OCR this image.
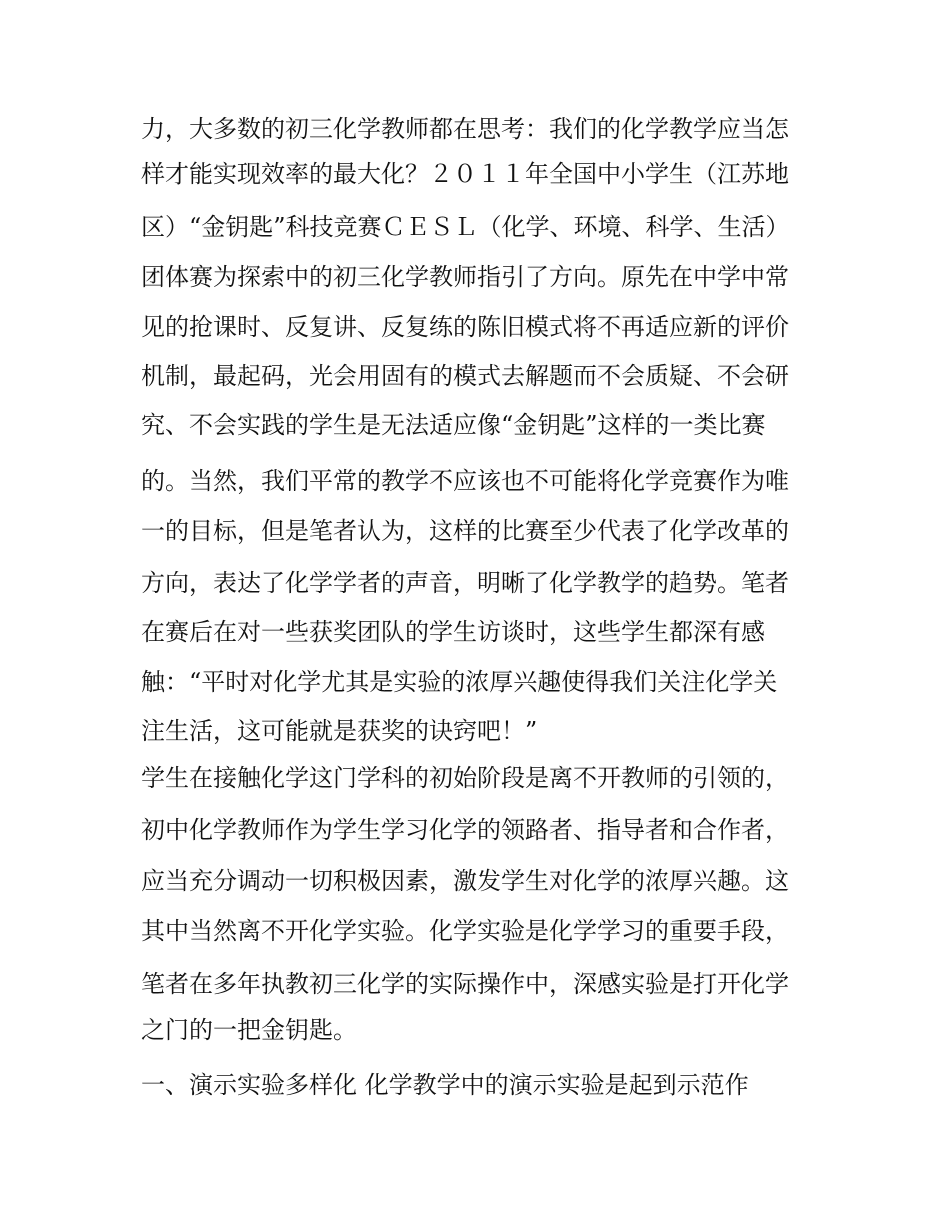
力，大多数的初三化学教师都在思考：我们的化学教学应当怎
样才能实现效率的最大化？２０１１年全国中小学生（江苏地
区）“金钥匙”科技竞赛ＣＥＳＬ（化学、环境、科学、生活）
团体赛为探索中的初三化学教师指引了方向。原先在中学中常
见的抢课时、反复讲、反复练的陈旧模式将不再适应新的评价
机制，最起码，光会用固有的模式去解题而不会质疑、不会研
究、不会实践的学生是无法适应像“金钥匙”这样的一类比赛
的。当然，我们平常的教学不应该也不可能将化学竞赛作为唯
一的目标，但是笔者认为，这样的比赛至少代表了化学改革的
方向，表达了化学学者的声音，明晰了化学教学的趋势。笔者
在赛后在对一些获奖团队的学生访谈时，这些学生都深有感
触：“平时对化学尤其是实验的浓厚兴趣使得我们关注化学关
注生活，这可能就是获奖的诀窍吧！”
学生在接触化学这门学科的初始阶段是离不开教师的引领的，
初中化学教师作为学生学习化学的领路者、指导者和合作者，
应当充分调动一切积极因素，激发学生对化学的浓厚兴趣。这
其中当然离不开化学实验。化学实验是化学学习的重要手段，
笔者在多年执教初三化学的实际操作中，深感实验是打开化学
之门的一把金钥匙。
一、演示实验多样化 化学教学中的演示实验是起到示范作
